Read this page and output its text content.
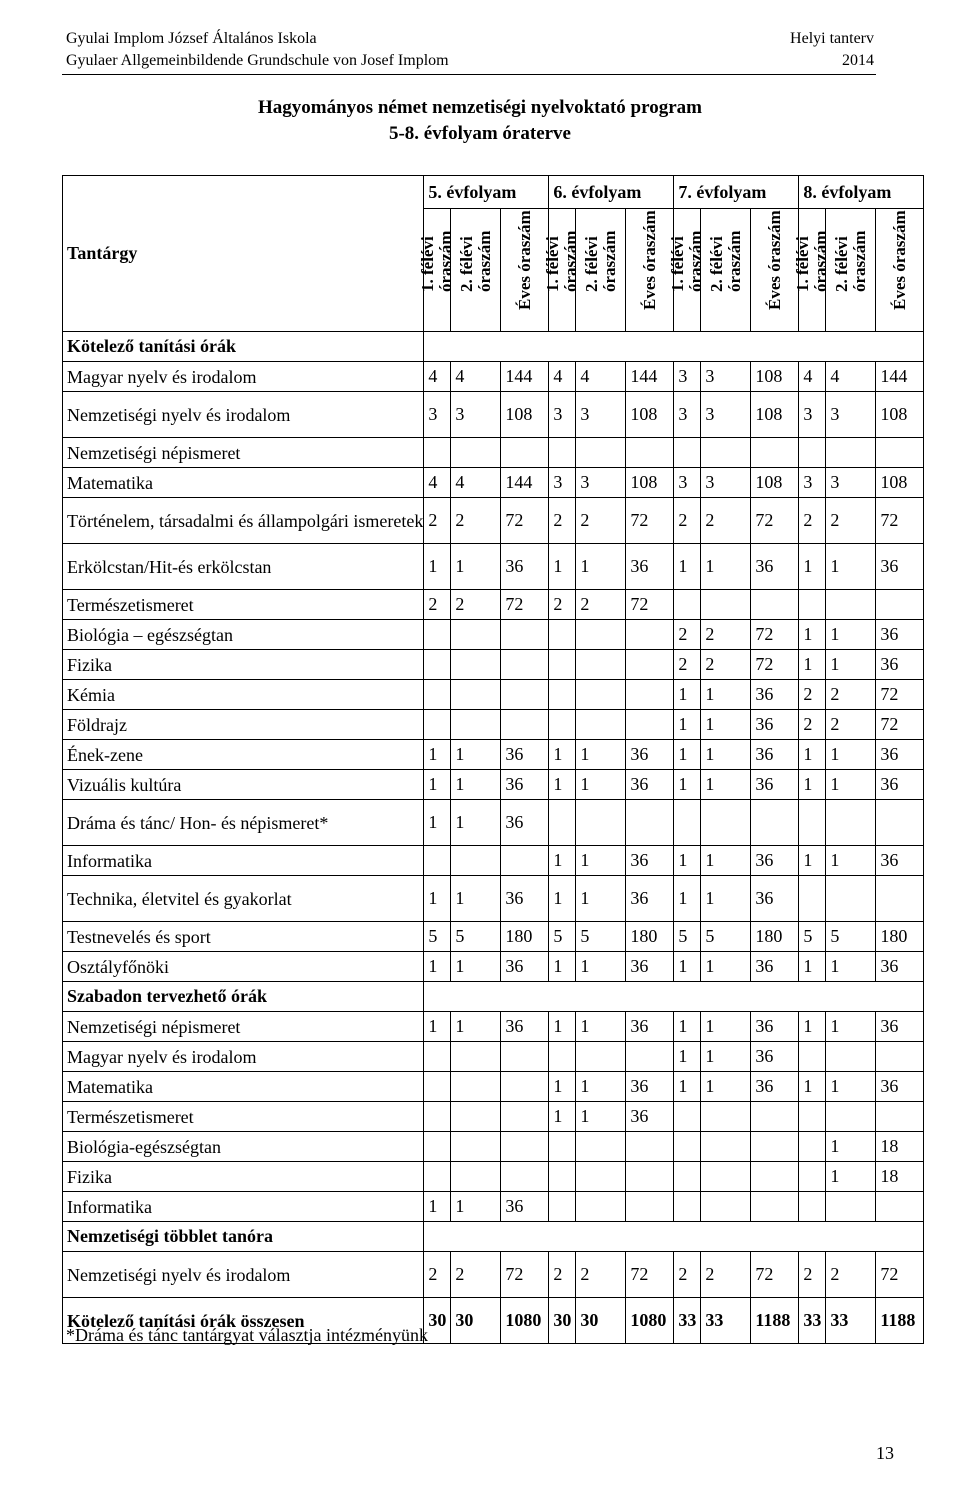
Gyulai Implom József Általános Iskola	Helyi tanterv
Gyulaer Allgemeinbildende Grundschule von Josef Implom	2014
Hagyományos német nemzetiségi nyelvoktató program
5-8. évfolyam óraterve
Tantárgy	5. évfolyam			6. évfolyam			7. évfolyam			8. évfolyam		

	1. félévi óraszám	2. félévi óraszám	Éves óraszám	1. félévi óraszám	2. félévi óraszám	Éves óraszám	1. félévi óraszám	2. félévi óraszám	Éves óraszám	1. félévi óraszám	2. félévi óraszám	Éves óraszám

Kötelező tanítási órák												
Magyar nyelv és irodalom	4	4	144	4	4	144	3	3	108	4	4	144
Nemzetiségi nyelv és irodalom	3	3	108	3	3	108	3	3	108	3	3	108
Nemzetiségi népismeret												
Matematika	4	4	144	3	3	108	3	3	108	3	3	108
Történelem, társadalmi és állampolgári ismeretek	2	2	72	2	2	72	2	2	72	2	2	72
Erkölcstan/Hit-és erkölcstan	1	1	36	1	1	36	1	1	36	1	1	36
Természetismeret	2	2	72	2	2	72						
Biológia – egészségtan							2	2	72	1	1	36
Fizika							2	2	72	1	1	36
Kémia							1	1	36	2	2	72
Földrajz							1	1	36	2	2	72
Ének-zene	1	1	36	1	1	36	1	1	36	1	1	36
Vizuális kultúra	1	1	36	1	1	36	1	1	36	1	1	36
Dráma és tánc/ Hon- és népismeret*	1	1	36									
Informatika				1	1	36	1	1	36	1	1	36
Technika, életvitel és gyakorlat	1	1	36	1	1	36	1	1	36			
Testnevelés és sport	5	5	180	5	5	180	5	5	180	5	5	180
Osztályfőnöki	1	1	36	1	1	36	1	1	36	1	1	36
Szabadon tervezhető órák												
Nemzetiségi népismeret	1	1	36	1	1	36	1	1	36	1	1	36
Magyar nyelv és irodalom							1	1	36			
Matematika				1	1	36	1	1	36	1	1	36
Természetismeret				1	1	36						
Biológia-egészségtan											1	18
Fizika											1	18
Informatika	1	1	36									
Nemzetiségi többlet tanóra												
Nemzetiségi nyelv és irodalom	2	2	72	2	2	72	2	2	72	2	2	72
Kötelező tanítási órák összesen	30	30	1080	30	30	1080	33	33	1188	33	33	1188
*Dráma és tánc tantárgyat választja intézményünk
13
